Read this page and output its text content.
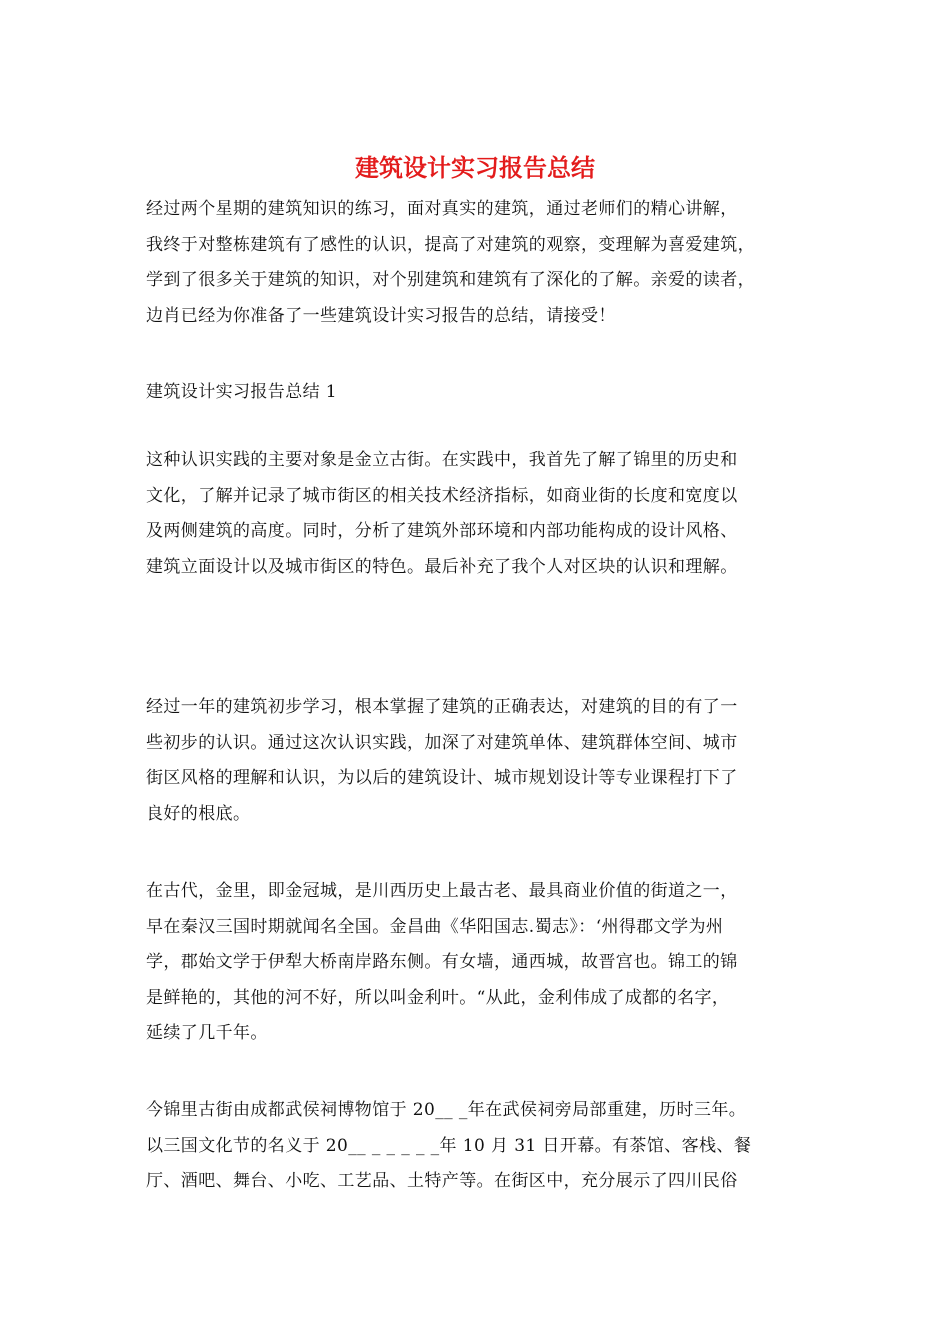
建筑设计实习报告总结

经过两个星期的建筑知识的练习，面对真实的建筑，通过老师们的精心讲解，
我终于对整栋建筑有了感性的认识，提高了对建筑的观察，变理解为喜爱建筑，
学到了很多关于建筑的知识，对个别建筑和建筑有了深化的了解。亲爱的读者，
边肖已经为你准备了一些建筑设计实习报告的总结，请接受！

建筑设计实习报告总结 1

这种认识实践的主要对象是金立古街。在实践中，我首先了解了锦里的历史和
文化，了解并记录了城市街区的相关技术经济指标，如商业街的长度和宽度以
及两侧建筑的高度。同时，分析了建筑外部环境和内部功能构成的设计风格、
建筑立面设计以及城市街区的特色。最后补充了我个人对区块的认识和理解。

经过一年的建筑初步学习，根本掌握了建筑的正确表达，对建筑的目的有了一
些初步的认识。通过这次认识实践，加深了对建筑单体、建筑群体空间、城市
街区风格的理解和认识，为以后的建筑设计、城市规划设计等专业课程打下了
良好的根底。

在古代，金里，即金冠城，是川西历史上最古老、最具商业价值的街道之一，
早在秦汉三国时期就闻名全国。金昌曲《华阳国志.蜀志》：‘州得郡文学为州
学，郡始文学于伊犁大桥南岸路东侧。有女墙，通西城，故晋宫也。锦工的锦
是鲜艳的，其他的河不好，所以叫金利叶。“从此，金利伟成了成都的名字，
延续了几千年。

今锦里古街由成都武侯祠博物馆于 20__ _年在武侯祠旁局部重建，历时三年。
以三国文化节的名义于 20__ _ _ _ _ _年 10 月 31 日开幕。有茶馆、客栈、餐
厅、酒吧、舞台、小吃、工艺品、土特产等。在街区中，充分展示了四川民俗
